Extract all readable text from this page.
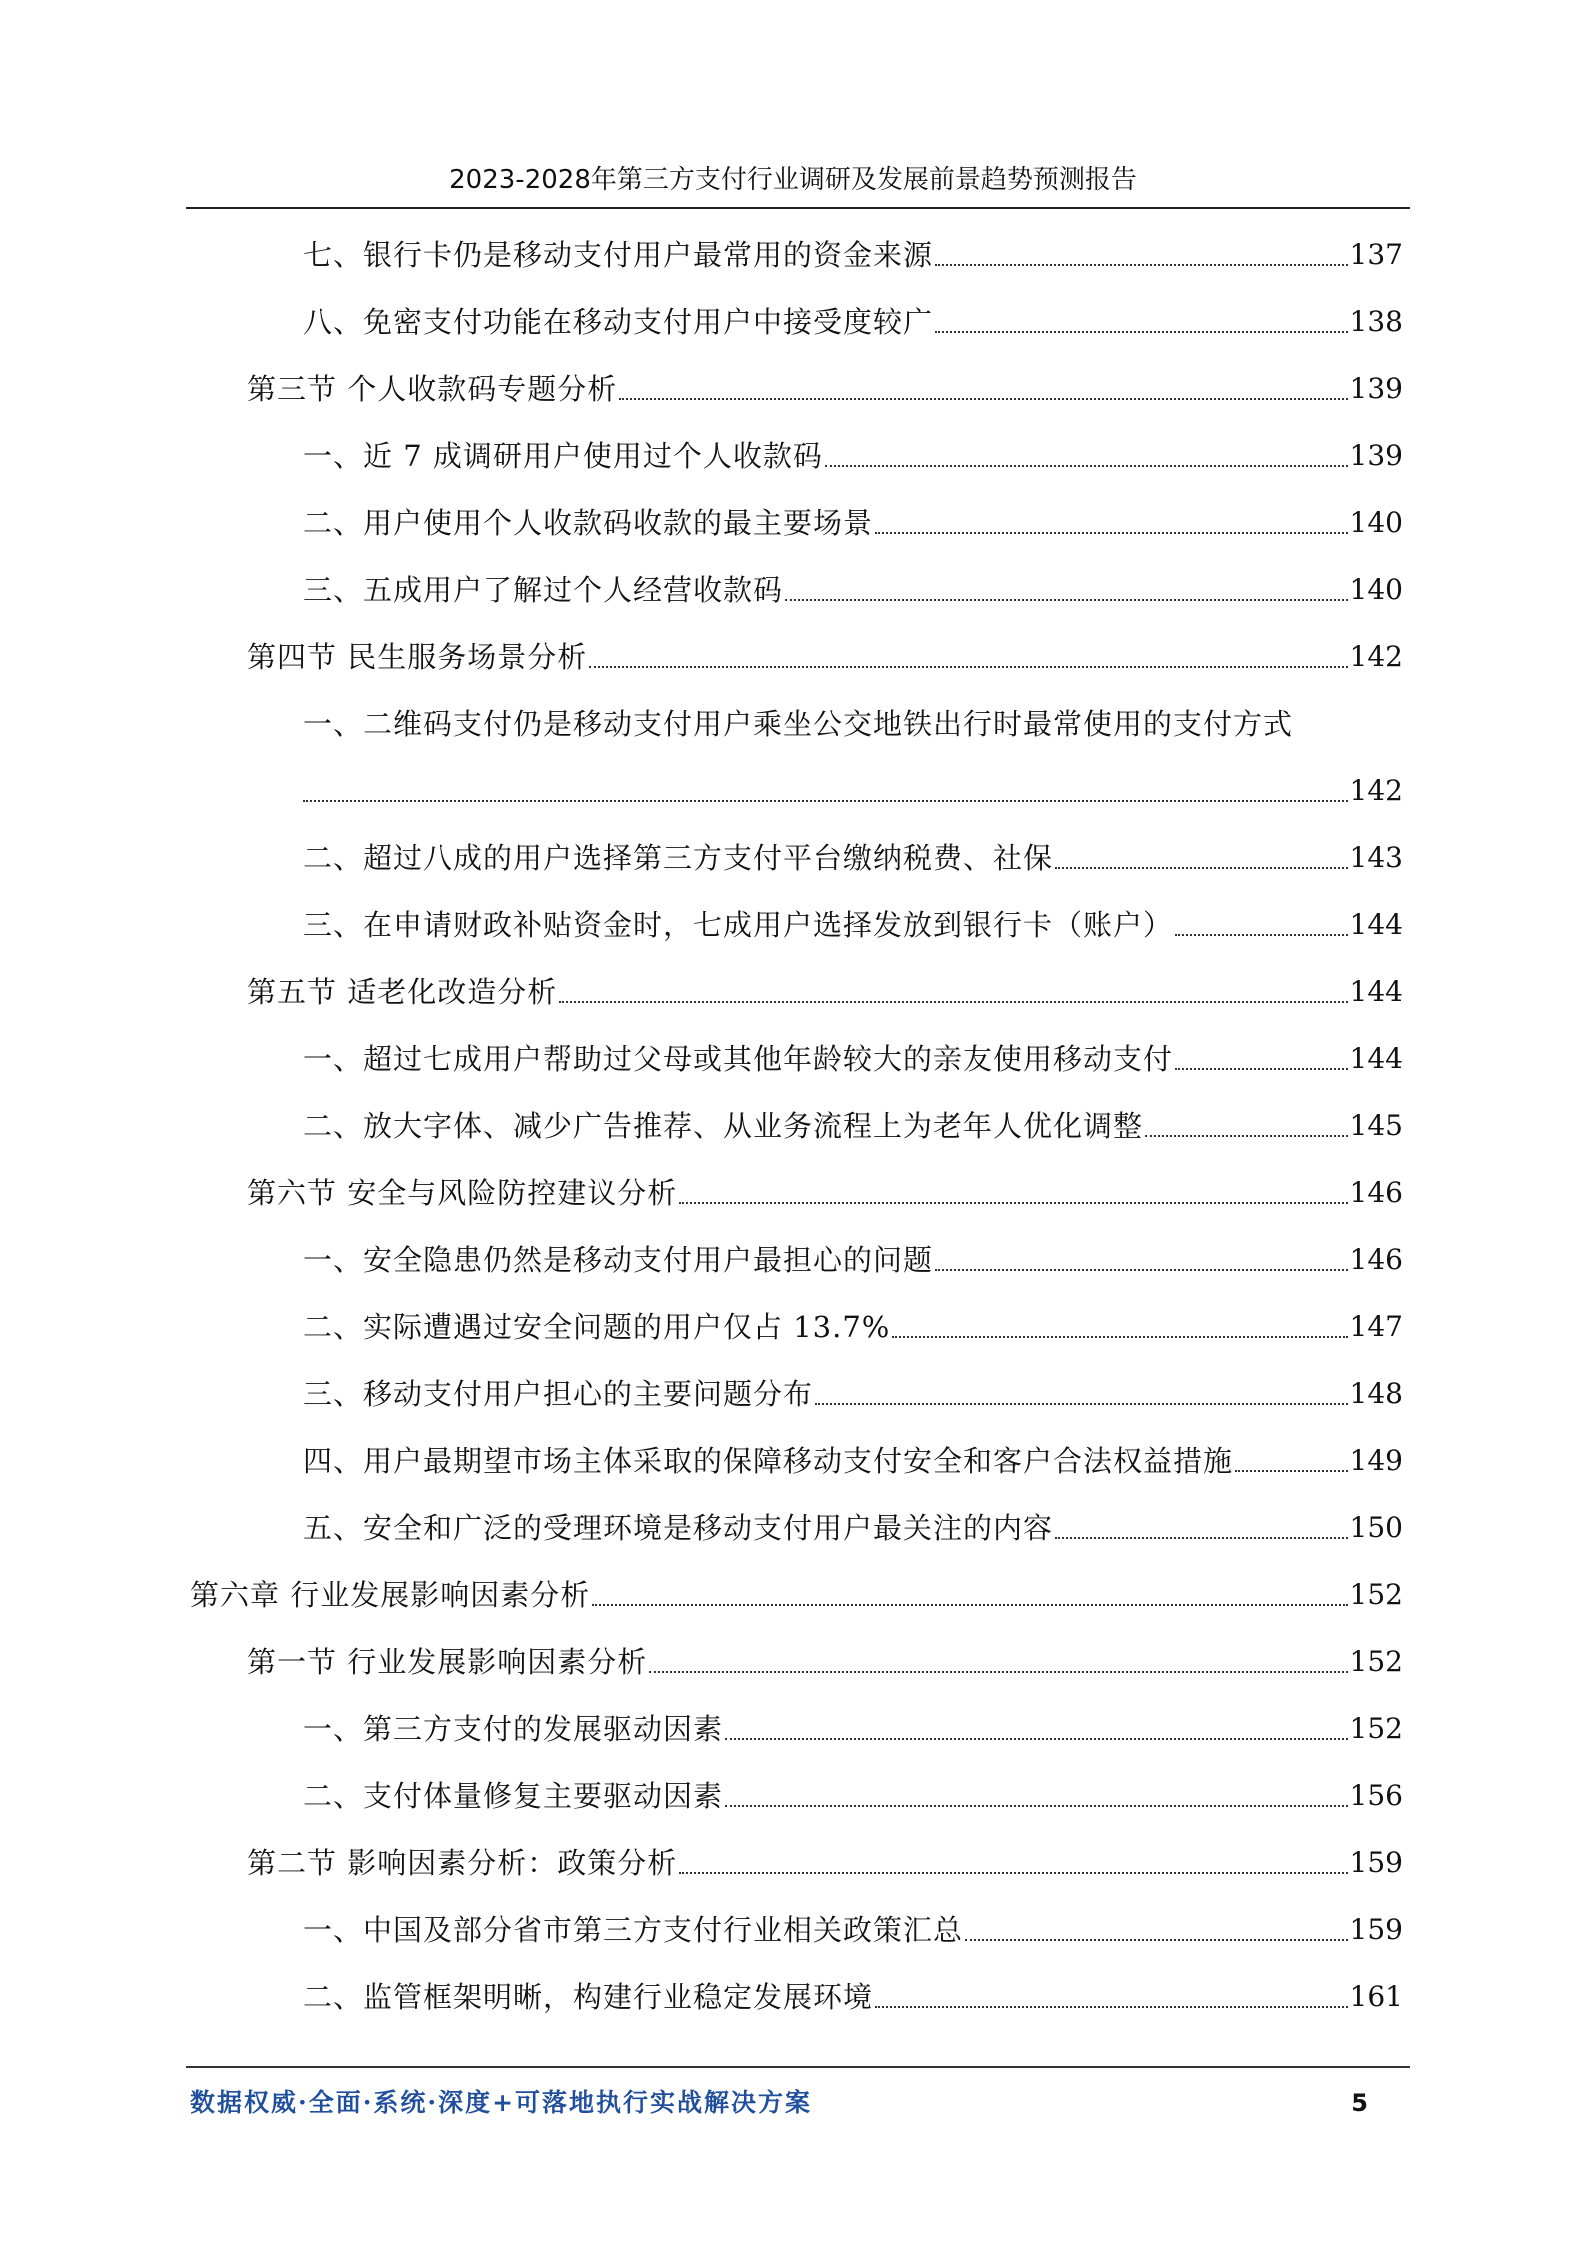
2023-2028年第三方支付行业调研及发展前景趋势预测报告
七、银行卡仍是移动支付用户最常用的资金来源	137
八、免密支付功能在移动支付用户中接受度较广	138
第三节 个人收款码专题分析	139
一、近 7 成调研用户使用过个人收款码	139
二、用户使用个人收款码收款的最主要场景	140
三、五成用户了解过个人经营收款码	140
第四节 民生服务场景分析	142
一、二维码支付仍是移动支付用户乘坐公交地铁出行时最常使用的支付方式
142
二、超过八成的用户选择第三方支付平台缴纳税费、社保	143
三、在申请财政补贴资金时，七成用户选择发放到银行卡（账户）	144
第五节 适老化改造分析	144
一、超过七成用户帮助过父母或其他年龄较大的亲友使用移动支付	144
二、放大字体、减少广告推荐、从业务流程上为老年人优化调整	145
第六节 安全与风险防控建议分析	146
一、安全隐患仍然是移动支付用户最担心的问题	146
二、实际遭遇过安全问题的用户仅占 13.7%	147
三、移动支付用户担心的主要问题分布	148
四、用户最期望市场主体采取的保障移动支付安全和客户合法权益措施	149
五、安全和广泛的受理环境是移动支付用户最关注的内容	150
第六章 行业发展影响因素分析	152
第一节 行业发展影响因素分析	152
一、第三方支付的发展驱动因素	152
二、支付体量修复主要驱动因素	156
第二节 影响因素分析：政策分析	159
一、中国及部分省市第三方支付行业相关政策汇总	159
二、监管框架明晰，构建行业稳定发展环境	161
数据权威·全面·系统·深度+可落地执行实战解决方案	5
